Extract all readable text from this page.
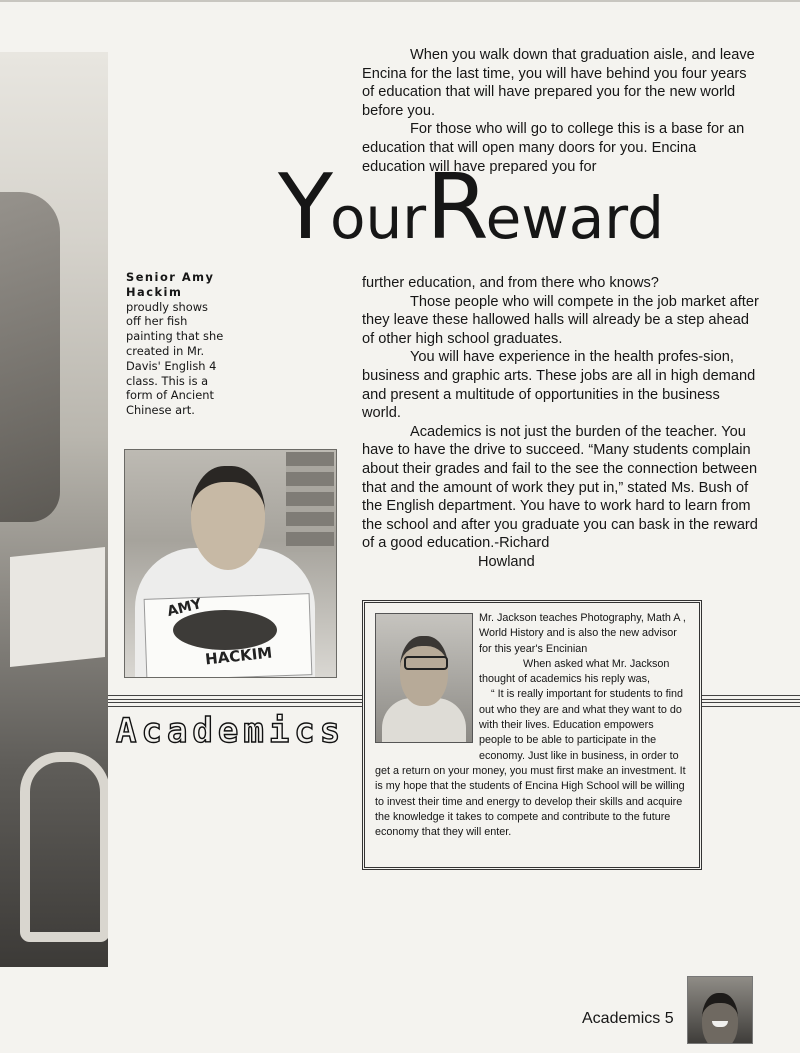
When you walk down that graduation aisle, and leave Encina for the last time, you will have behind you four years of education that will have prepared you for the new world before you.

For those who will go to college this is a base for an education that will open many doors for you. Encina education will have prepared you for

YourReward
Senior Amy Hackim proudly shows off her fish painting that she created in Mr. Davis' English 4 class. This is a form of Ancient Chinese art.

further education, and from there who knows?

Those people who will compete in the job market after they leave these hallowed halls will already be a step ahead of other high school graduates.

You will have experience in the health profes-sion, business and graphic arts. These jobs are all in high demand and present a multitude of opportunities in the business world.

Academics is not just the burden of the teacher. You have to have the drive to succeed. “Many students complain about their grades and fail to the see the connection between that and the amount of work they put in,” stated Ms. Bush of the English department. You have to work hard to learn from the school and after you graduate you can bask in the reward of a good education.-Richard

Howland

AMY
HACKIM
Academics

Mr. Jackson teaches Photography, Math A , World History and is also the new advisor for this year's Encinian

When asked what Mr. Jackson thought of academics his reply was,

“ It is really important for students to find out who they are and what they want to do with their lives. Education empowers people to be able to participate in the economy. Just like in business, in order to get a return on your money, you must first make an investment. It is my hope that the students of Encina High School will be willing to invest their time and energy to develop their skills and acquire the knowledge it takes to compete and contribute to the future economy that they will enter.

Academics 5
